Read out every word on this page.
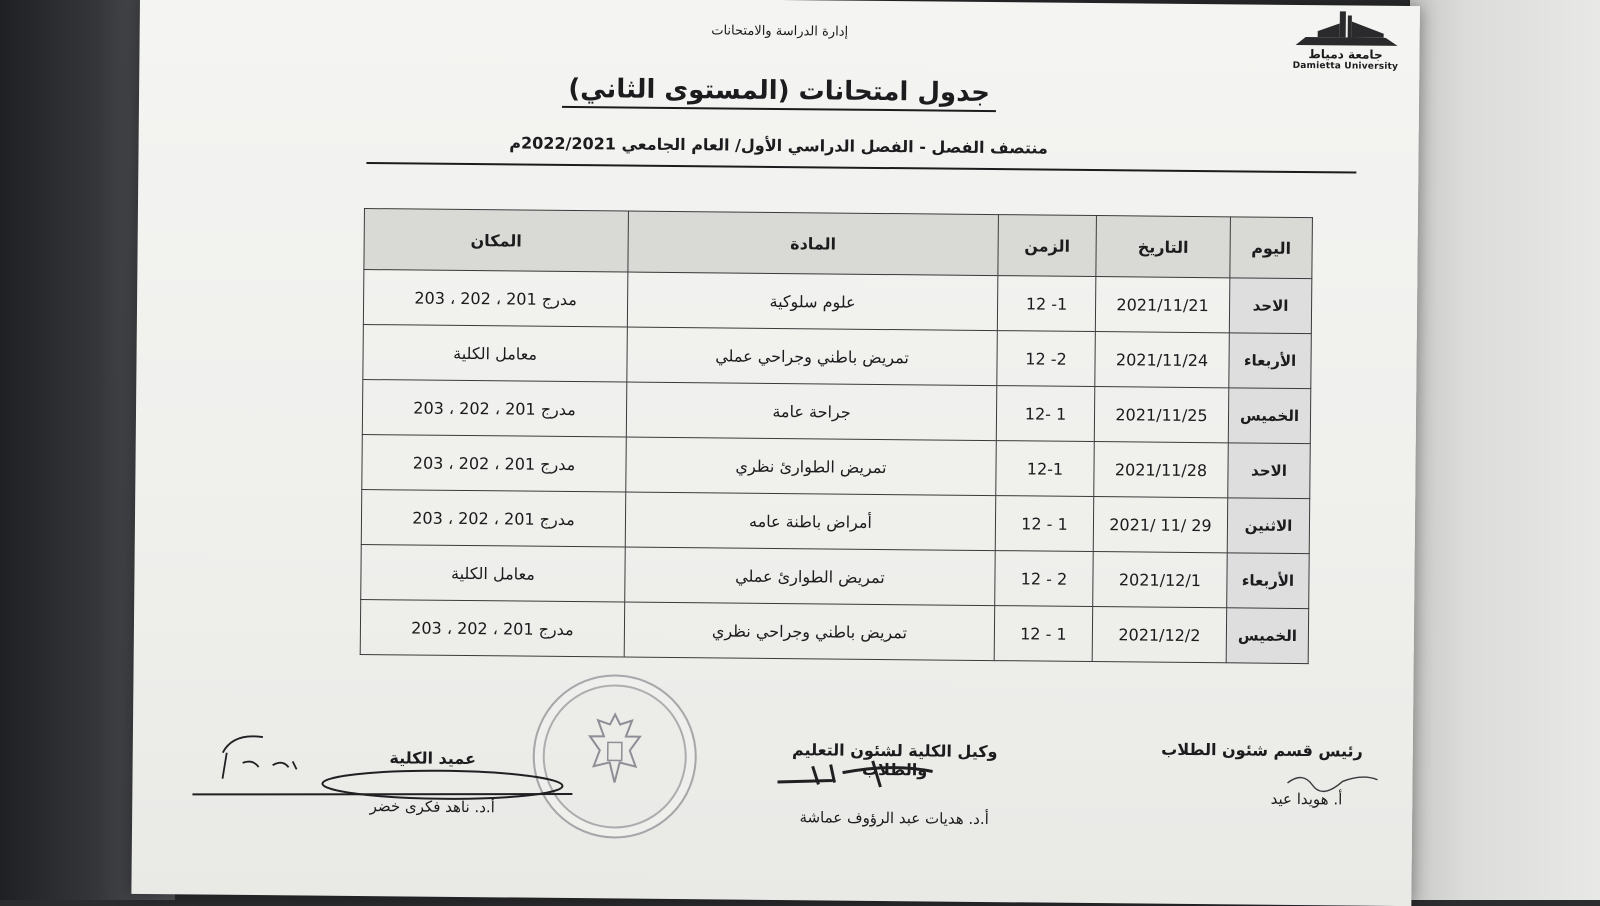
جامعة دمياط
Damietta University
إدارة الدراسة والامتحانات
جدول امتحانات (المستوى الثاني)
منتصف الفصل - الفصل الدراسي الأول/ العام الجامعي 2022/2021م
اليوم	التاريخ	الزمن	المادة	المكان
الاحد	2021/11/21	12 -1	علوم سلوكية	مدرج 201 ، 202 ، 203
الأربعاء	2021/11/24	12 -2	تمريض باطني وجراحي عملي	معامل الكلية
الخميس	2021/11/25	12- 1	جراحة عامة	مدرج 201 ، 202 ، 203
الاحد	2021/11/28	12-1	تمريض الطوارئ نظري	مدرج 201 ، 202 ، 203
الاثنين	2021/ 11/ 29	12 - 1	أمراض باطنة عامه	مدرج 201 ، 202 ، 203
الأربعاء	2021/12/1	12 - 2	تمريض الطوارئ عملي	معامل الكلية
الخميس	2021/12/2	12 - 1	تمريض باطني وجراحي نظري	مدرج 201 ، 202 ، 203
رئيس قسم شئون الطلاب
أ. هويدا عيد
وكيل الكلية لشئون التعليم والطلاب
أ.د. هديات عبد الرؤوف عماشة
عميد الكلية
أ.د. ناهد فكرى خضر
